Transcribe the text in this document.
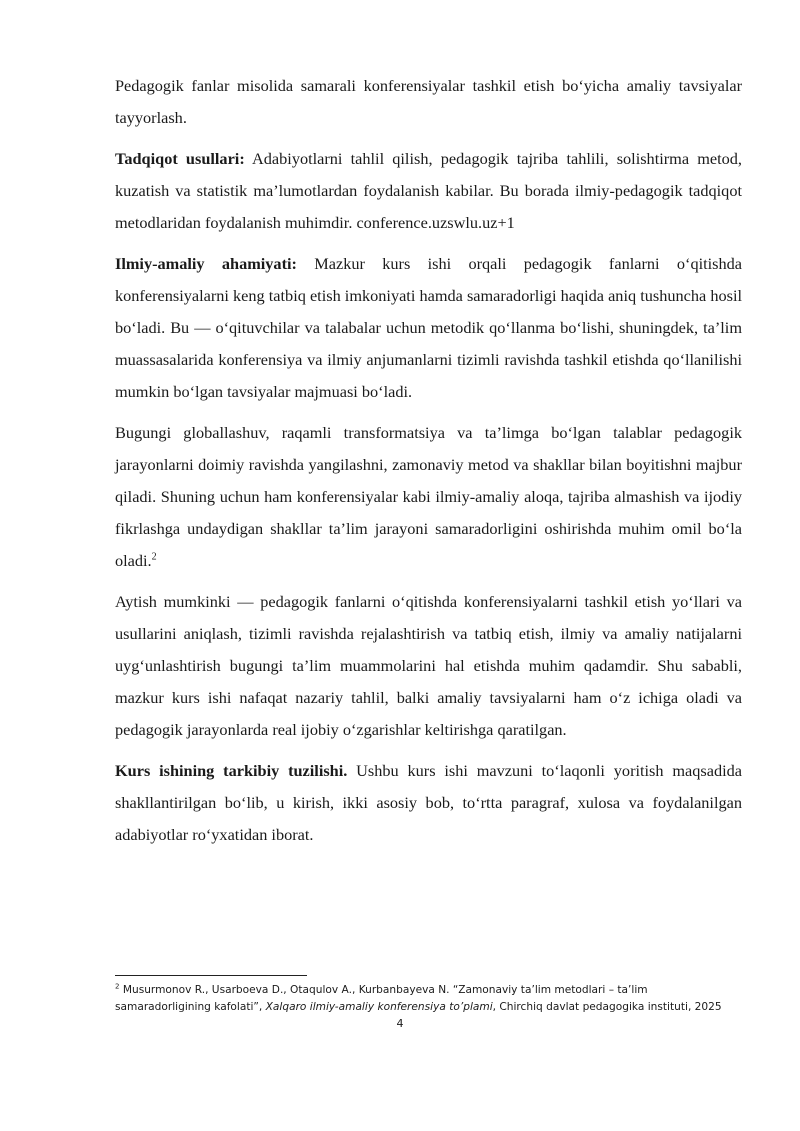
Pedagogik fanlar misolida samarali konferensiyalar tashkil etish bo‘yicha amaliy tavsiyalar tayyorlash.

Tadqiqot usullari: Adabiyotlarni tahlil qilish, pedagogik tajriba tahlili, solishtirma metod, kuzatish va statistik ma’lumotlardan foydalanish kabilar. Bu borada ilmiy-pedagogik tadqiqot metodlaridan foydalanish muhimdir. conference.uzswlu.uz+1

Ilmiy-amaliy ahamiyati: Mazkur kurs ishi orqali pedagogik fanlarni o‘qitishda konferensiyalarni keng tatbiq etish imkoniyati hamda samaradorligi haqida aniq tushuncha hosil bo‘ladi. Bu — o‘qituvchilar va talabalar uchun metodik qo‘llanma bo‘lishi, shuningdek, ta’lim muassasalarida konferensiya va ilmiy anjumanlarni tizimli ravishda tashkil etishda qo‘llanilishi mumkin bo‘lgan tavsiyalar majmuasi bo‘ladi.

Bugungi globallashuv, raqamli transformatsiya va ta’limga bo‘lgan talablar pedagogik jarayonlarni doimiy ravishda yangilashni, zamonaviy metod va shakllar bilan boyitishni majbur qiladi. Shuning uchun ham konferensiyalar kabi ilmiy-amaliy aloqa, tajriba almashish va ijodiy fikrlashga undaydigan shakllar ta’lim jarayoni samaradorligini oshirishda muhim omil bo‘la oladi.$^2$

Aytish mumkinki — pedagogik fanlarni o‘qitishda konferensiyalarni tashkil etish yo‘llari va usullarini aniqlash, tizimli ravishda rejalashtirish va tatbiq etish, ilmiy va amaliy natijalarni uyg‘unlashtirish bugungi ta’lim muammolarini hal etishda muhim qadamdir. Shu sababli, mazkur kurs ishi nafaqat nazariy tahlil, balki amaliy tavsiyalarni ham o‘z ichiga oladi va pedagogik jarayonlarda real ijobiy o‘zgarishlar keltirishga qaratilgan.

Kurs ishining tarkibiy tuzilishi. Ushbu kurs ishi mavzuni to‘laqonli yoritish maqsadida shakllantirilgan bo‘lib, u kirish, ikki asosiy bob, to‘rtta paragraf, xulosa va foydalanilgan adabiyotlar ro‘yxatidan iborat.

$^2$ Musurmonov R., Usarboeva D., Otaqulov A., Kurbanbayeva N. “Zamonaviy ta’lim metodlari – ta’lim samaradorligining kafolati”, Xalqaro ilmiy-amaliy konferensiya to’plami, Chirchiq davlat pedagogika instituti, 2025
4
